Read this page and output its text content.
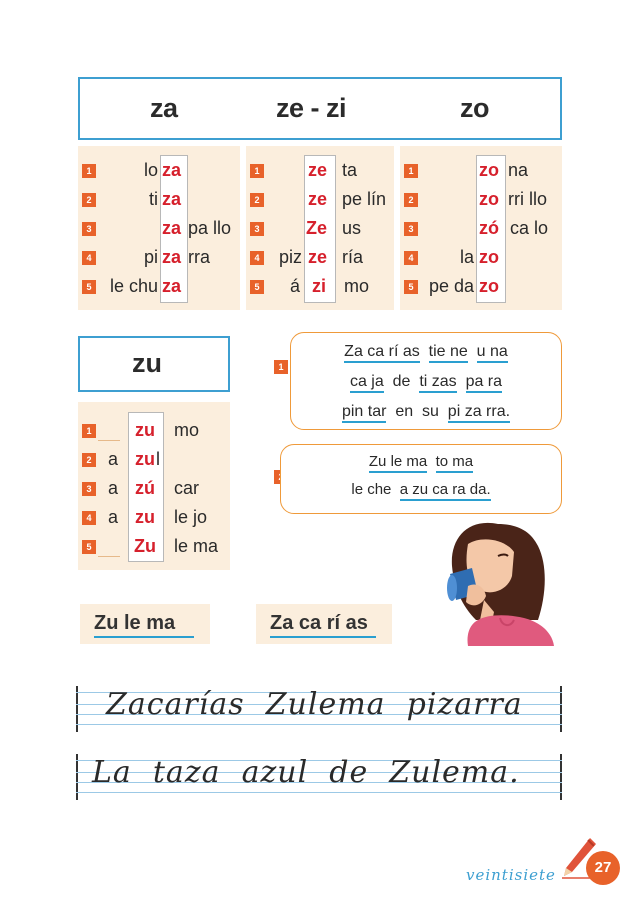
za	ze - zi	zo
1
2
3
4
5
lo za
ti za
za pa llo
pi za rra
le chu za
1
2
3
4
5
ze ta
ze pe lín
Ze us
piz ze ría
á zi mo
1
2
3
4
5
zo na
zo rri llo
zó ca lo
la zo
pe da zo
zu
1
2
3
4
5
zu mo
a zu l
a zú car
a zu le jo
Zu le ma
1
Za ca rí as tie ne u na
ca ja de ti zas pa ra
pin tar en su pi za rra.
Zu le ma to ma
le che a zu ca ra da.
Zu le ma	Za ca rí as
Zacarías  Zulema  pizarra
La  taza  azul  de  Zulema.
veintisiete	27
